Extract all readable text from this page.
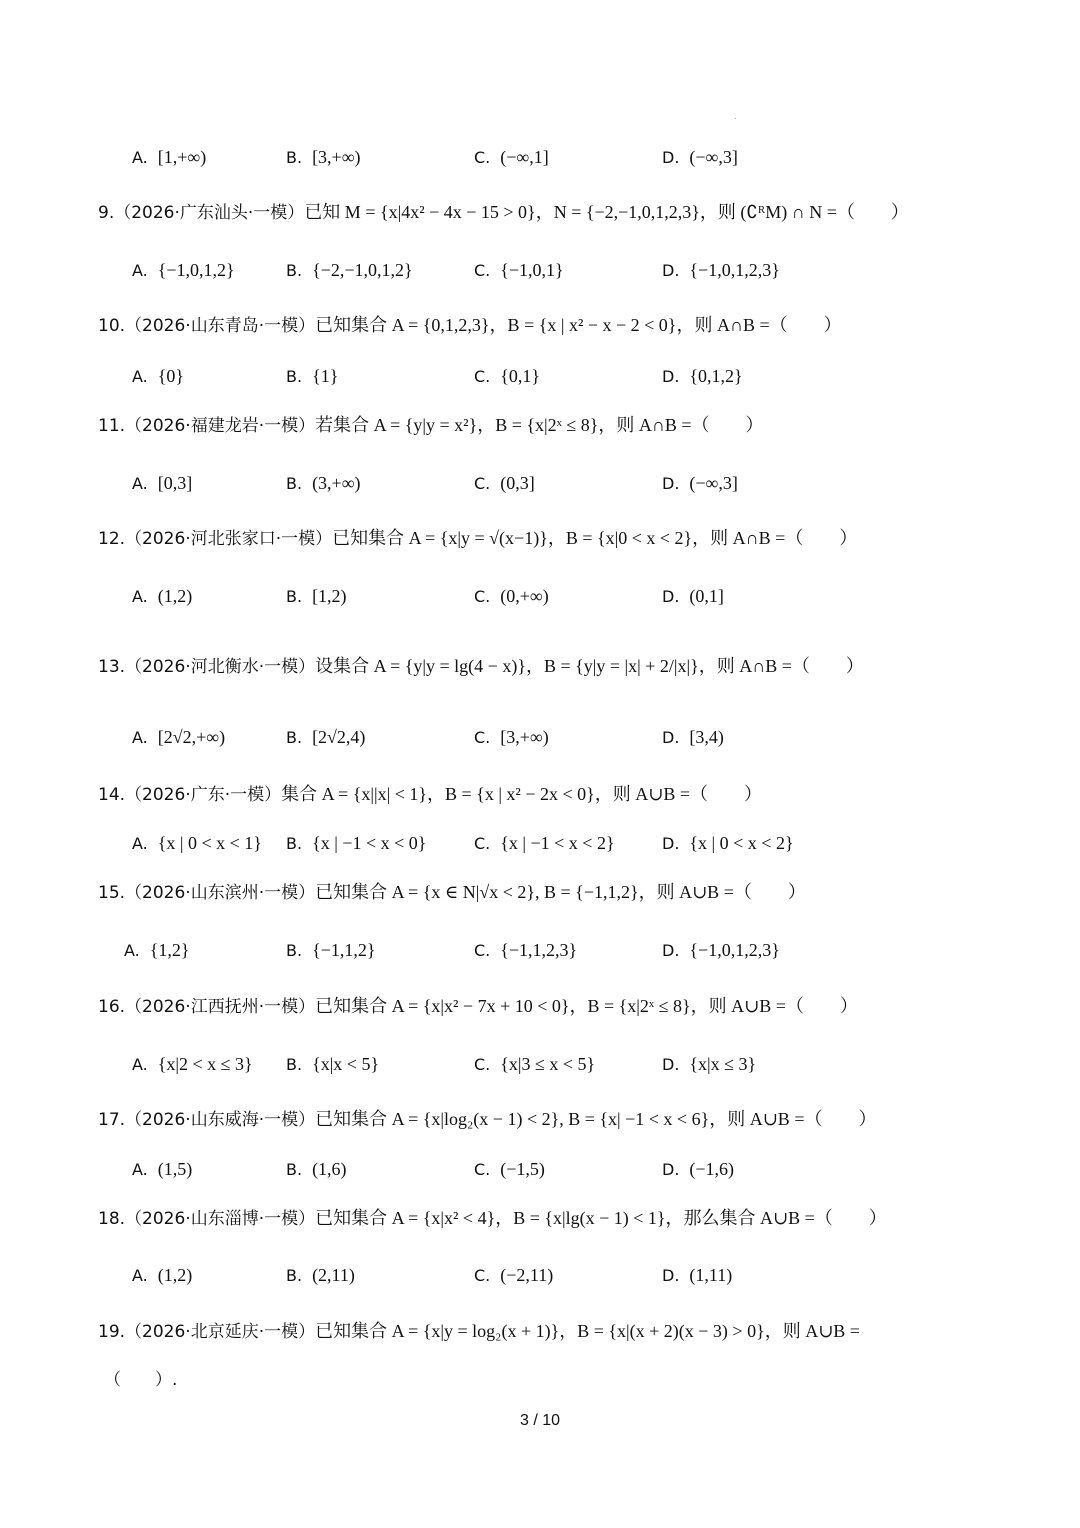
.
A. [1,+∞)	B. [3,+∞)	C. (−∞,1]	D. (−∞,3]
9.（2026·广东汕头·一模）已知 M = {x|4x² − 4x − 15 > 0}，N = {−2,−1,0,1,2,3}，则 (∁ᴿM) ∩ N =（　　）
A. {−1,0,1,2}	B. {−2,−1,0,1,2}	C. {−1,0,1}	D. {−1,0,1,2,3}
10.（2026·山东青岛·一模）已知集合 A = {0,1,2,3}，B = {x | x² − x − 2 < 0}，则 A∩B =（　　）
A. {0}	B. {1}	C. {0,1}	D. {0,1,2}
11.（2026·福建龙岩·一模）若集合 A = {y|y = x²}，B = {x|2ˣ ≤ 8}，则 A∩B =（　　）
A. [0,3]	B. (3,+∞)	C. (0,3]	D. (−∞,3]
12.（2026·河北张家口·一模）已知集合 A = {x|y = √(x−1)}，B = {x|0 < x < 2}，则 A∩B =（　　）
A. (1,2)	B. [1,2)	C. (0,+∞)	D. (0,1]
13.（2026·河北衡水·一模）设集合 A = {y|y = lg(4 − x)}，B = {y|y = |x| + 2/|x|}，则 A∩B =（　　）
A. [2√2,+∞)	B. [2√2,4)	C. [3,+∞)	D. [3,4)
14.（2026·广东·一模）集合 A = {x||x| < 1}，B = {x | x² − 2x < 0}，则 A∪B =（　　）
A. {x | 0 < x < 1} B. {x | −1 < x < 0}	C. {x | −1 < x < 2}	D. {x | 0 < x < 2}
15.（2026·山东滨州·一模）已知集合 A = {x ∈ N|√x < 2}, B = {−1,1,2}，则 A∪B =（　　）
A. {1,2}	B. {−1,1,2}	C. {−1,1,2,3}	D. {−1,0,1,2,3}
16.（2026·江西抚州·一模）已知集合 A = {x|x² − 7x + 10 < 0}，B = {x|2ˣ ≤ 8}，则 A∪B =（　　）
A. {x|2 < x ≤ 3} B. {x|x < 5}	C. {x|3 ≤ x < 5}	D. {x|x ≤ 3}
17.（2026·山东威海·一模）已知集合 A = {x|log₂(x − 1) < 2}, B = {x| −1 < x < 6}，则 A∪B =（　　）
A. (1,5)	B. (1,6)	C. (−1,5)	D. (−1,6)
18.（2026·山东淄博·一模）已知集合 A = {x|x² < 4}，B = {x|lg(x − 1) < 1}，那么集合 A∪B =（　　）
A. (1,2)	B. (2,11)	C. (−2,11)	D. (1,11)
19.（2026·北京延庆·一模）已知集合 A = {x|y = log₂(x + 1)}，B = {x|(x + 2)(x − 3) > 0}，则 A∪B =
（　　）.
3 / 10
